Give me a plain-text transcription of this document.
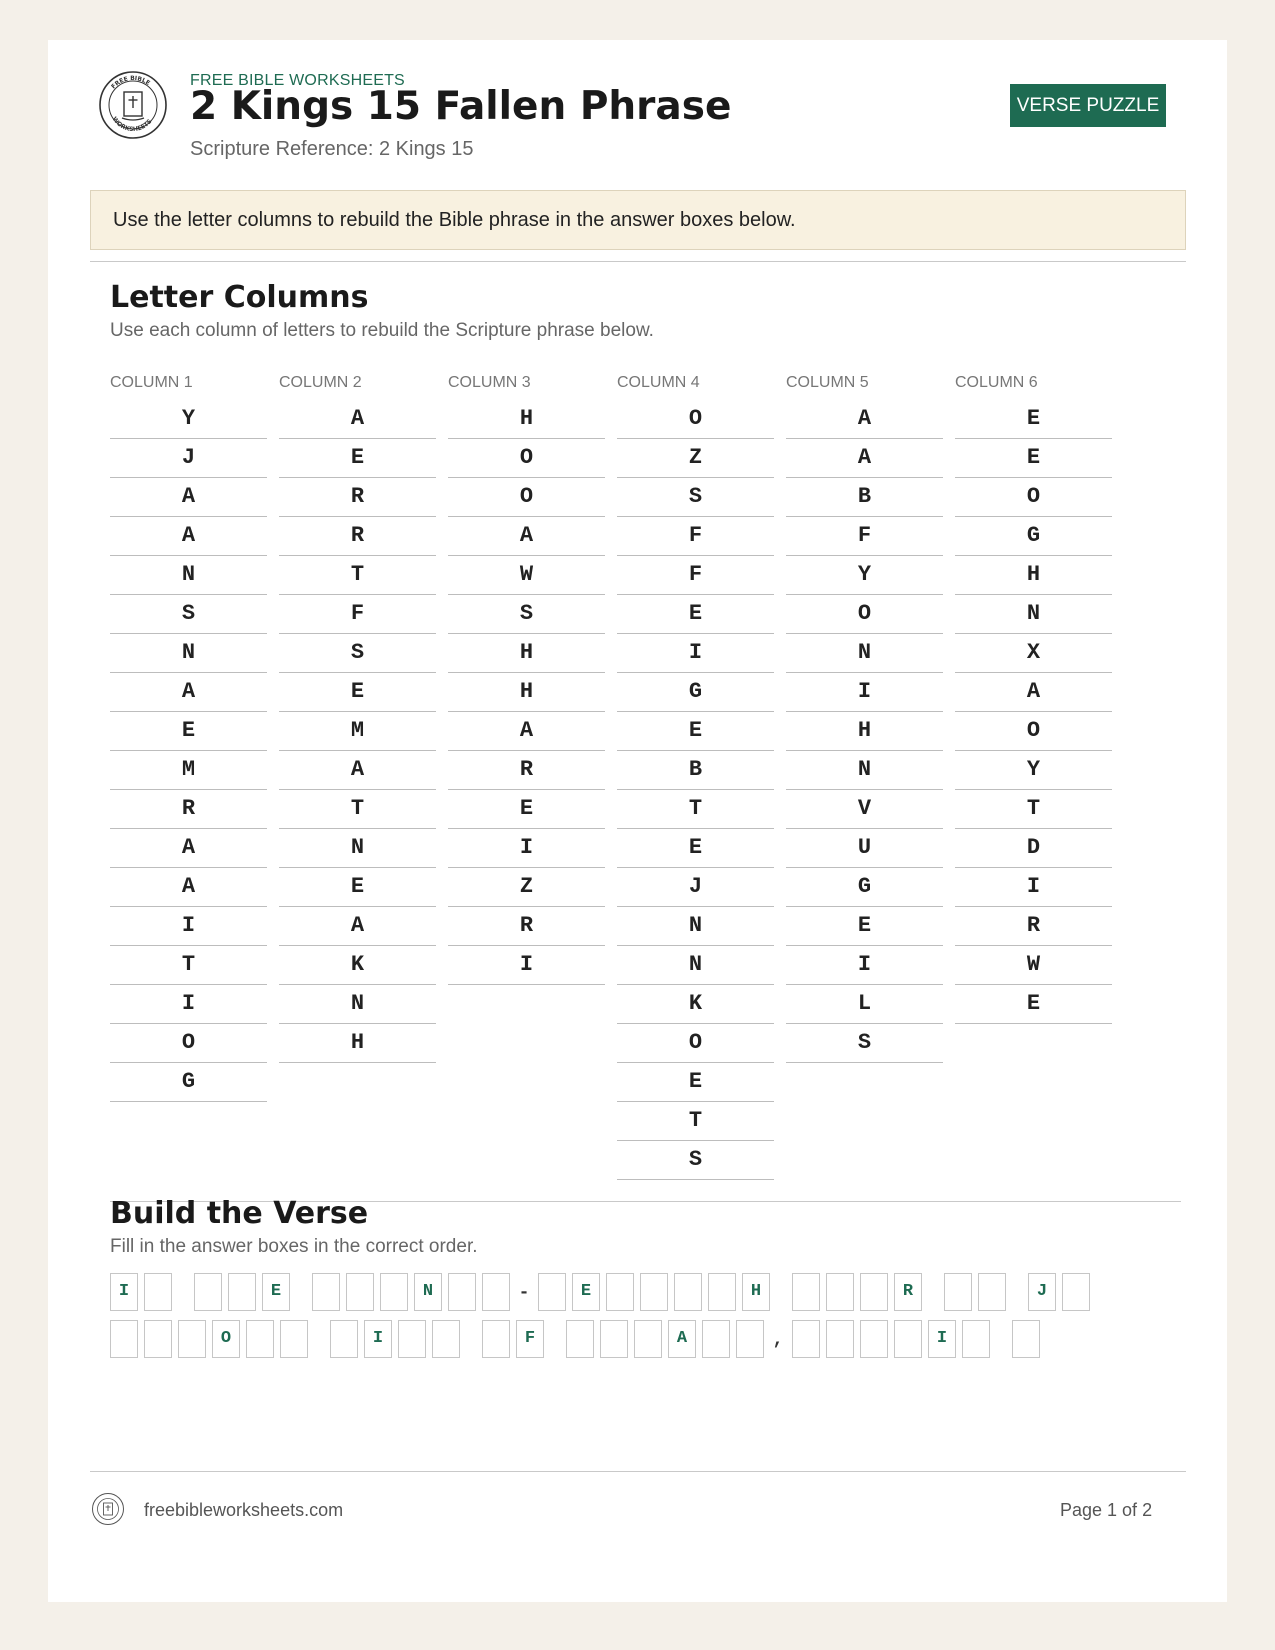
FREE BIBLE
WORKSHEETS
FREE BIBLE WORKSHEETS
2 Kings 15 Fallen Phrase
Scripture Reference: 2 Kings 15
VERSE PUZZLE
Use the letter columns to rebuild the Bible phrase in the answer boxes below.
Letter Columns
Use each column of letters to rebuild the Scripture phrase below.
COLUMN 1
Y
J
A
A
N
S
N
A
E
M
R
A
A
I
T
I
O
G
COLUMN 2
A
E
R
R
T
F
S
E
M
A
T
N
E
A
K
N
H
COLUMN 3
H
O
O
A
W
S
H
H
A
R
E
I
Z
R
I
COLUMN 4
O
Z
S
F
F
E
I
G
E
B
T
E
J
N
N
K
O
E
T
S
COLUMN 5
A
A
B
F
Y
O
N
I
H
N
V
U
G
E
I
L
S
COLUMN 6
E
E
O
G
H
N
X
A
O
Y
T
D
I
R
W
E
Build the Verse
Fill in the answer boxes in the correct order.
I	E	N	-	E	H	R	J
O	I	F	A	,	I
freebibleworksheets.com	Page 1 of 2
